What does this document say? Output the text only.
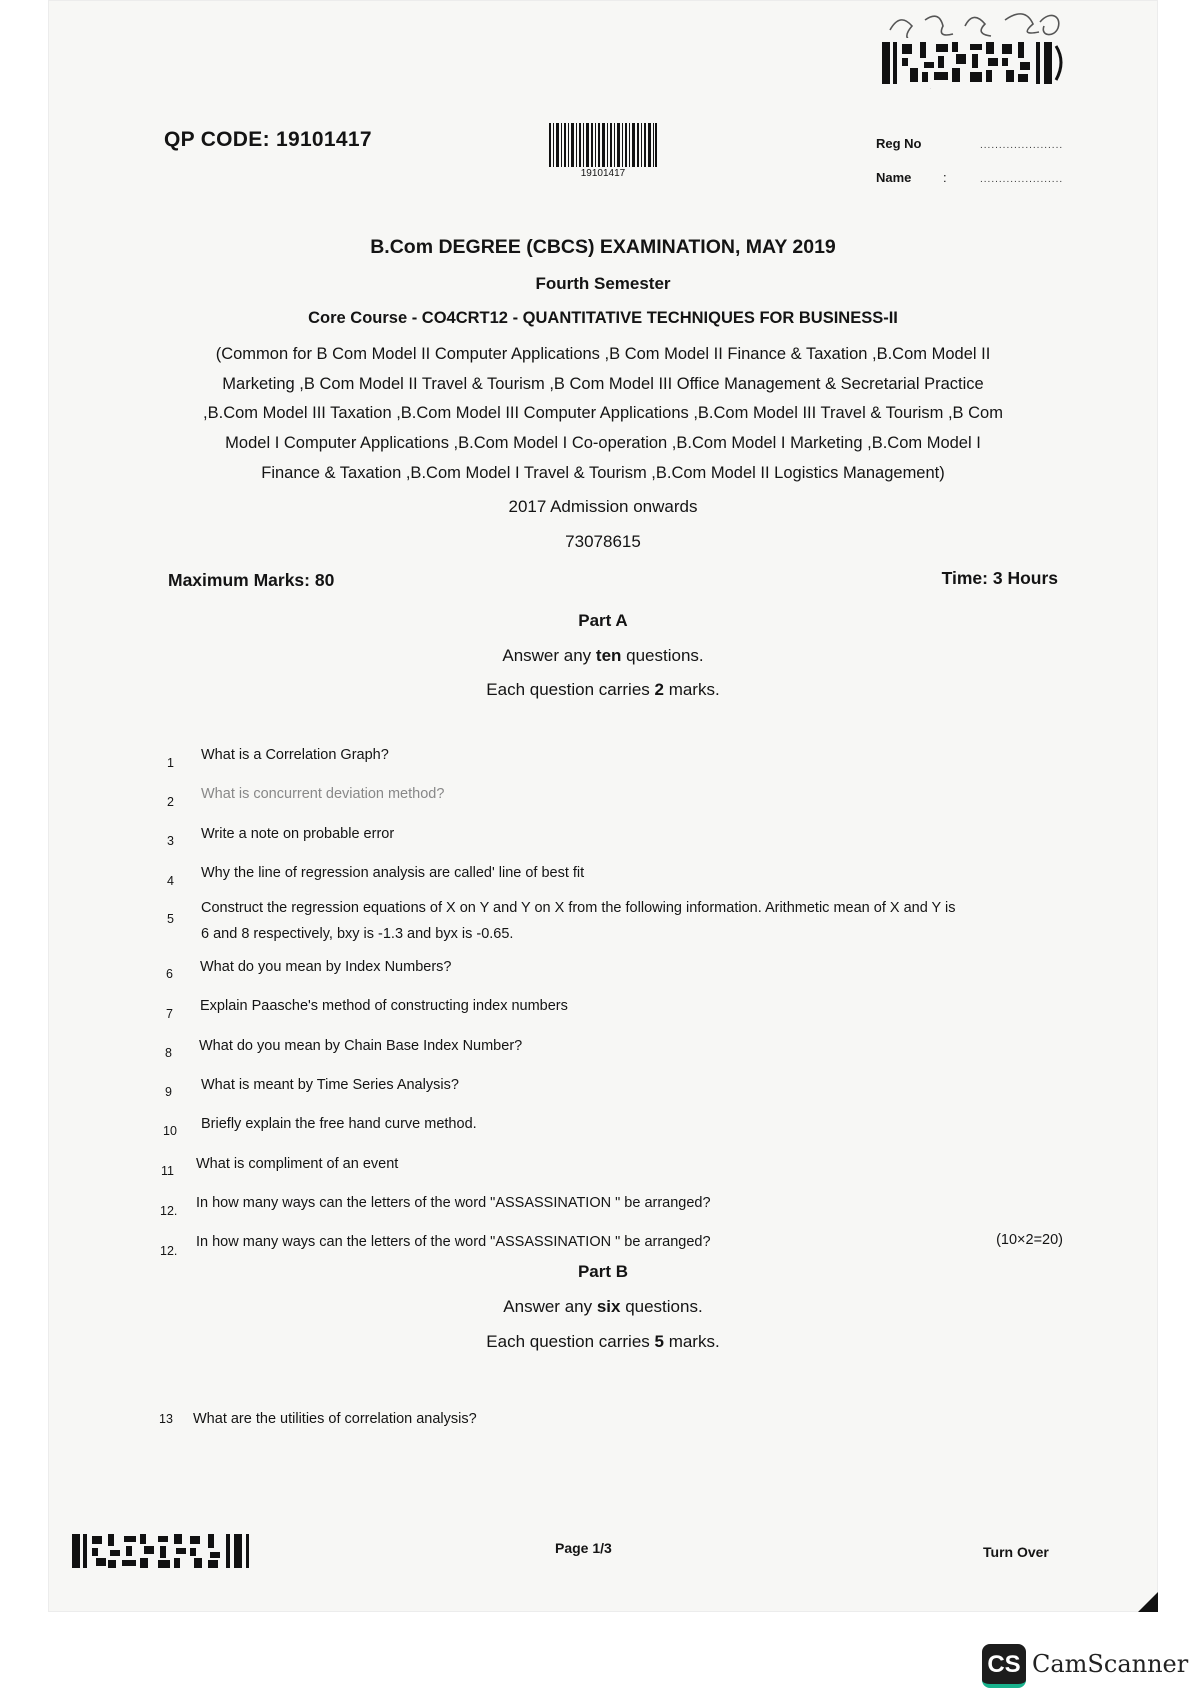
QP CODE: 19101417
19101417
Reg No	......................
Name :	......................
B.Com DEGREE (CBCS) EXAMINATION, MAY 2019
Fourth Semester
Core Course - CO4CRT12 - QUANTITATIVE TECHNIQUES FOR BUSINESS-II
(Common for B Com Model II Computer Applications ,B Com Model II Finance & Taxation ,B.Com Model II
Marketing ,B Com Model II Travel & Tourism ,B Com Model III Office Management & Secretarial Practice
,B.Com Model III Taxation ,B.Com Model III Computer Applications ,B.Com Model III Travel & Tourism ,B Com
Model I Computer Applications ,B.Com Model I Co-operation ,B.Com Model I Marketing ,B.Com Model I
Finance & Taxation ,B.Com Model I Travel & Tourism ,B.Com Model II Logistics Management)
2017 Admission onwards
73078615
Maximum Marks: 80	Time: 3 Hours
Part A
Answer any ten questions.
Each question carries 2 marks.
1 What is a Correlation Graph?
2 What is concurrent deviation method?
3 Write a note on probable error
4 Why the line of regression analysis are called' line of best fit
5
Construct the regression equations of X on Y and Y on X from the following information. Arithmetic mean of X and Y is
6 and 8 respectively, bxy is -1.3 and byx is -0.65.
6 What do you mean by Index Numbers?
7 Explain Paasche's method of constructing index numbers
8 What do you mean by Chain Base Index Number?
9 What is meant by Time Series Analysis?
10 Briefly explain the free hand curve method.
11 What is compliment of an event
12. In how many ways can the letters of the word "ASSASSINATION " be arranged?
(10×2=20)
Part B
Answer any six questions.
Each question carries 5 marks.
13 What are the utilities of correlation analysis?
Page 1/3	Turn Over
CS CamScanner
12.
In how many ways can the letters of the word "ASSASSINATION " be arranged?
